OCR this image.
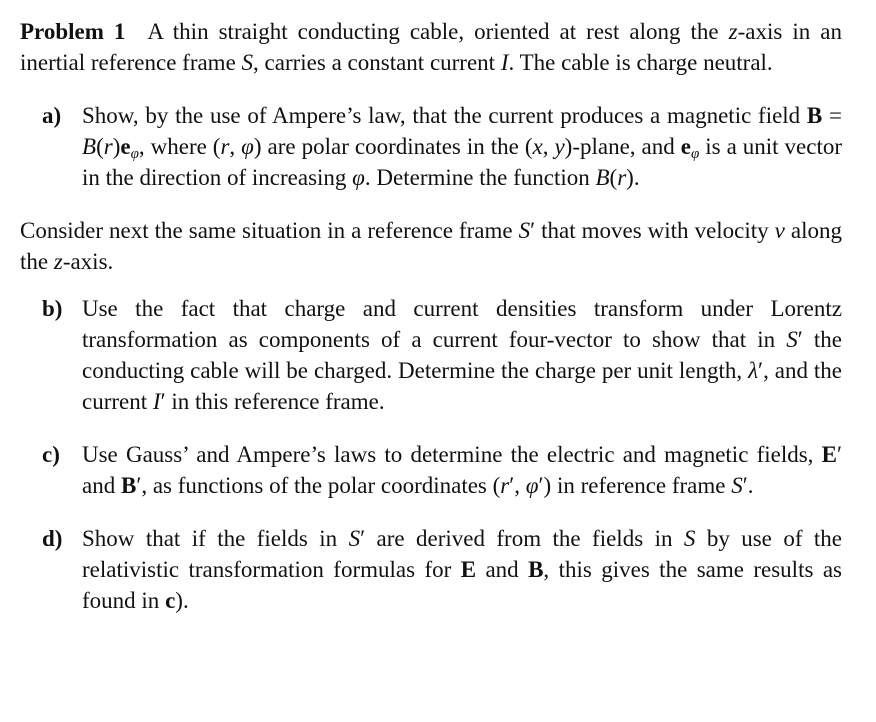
Problem 1 A thin straight conducting cable, oriented at rest along the z-axis in an inertial reference frame S, carries a constant current I. The cable is charge neutral.

a) Show, by the use of Ampere’s law, that the current produces a magnetic field $B = B(r)e_\varphi$, where (r, φ) are polar coordinates in the (x, y)-plane, and $e_\varphi$ is a unit vector in the direction of increasing φ. Determine the function B(r).

Consider next the same situation in a reference frame S′ that moves with velocity v along the z-axis.

b) Use the fact that charge and current densities transform under Lorentz transformation as components of a current four-vector to show that in S′ the conducting cable will be charged. Determine the charge per unit length, λ′, and the current I′ in this reference frame.

c) Use Gauss’ and Ampere’s laws to determine the electric and magnetic fields, E′ and B′, as functions of the polar coordinates (r′, φ′) in reference frame S′.

d) Show that if the fields in S′ are derived from the fields in S by use of the relativistic transformation formulas for E and B, this gives the same results as found in c).
